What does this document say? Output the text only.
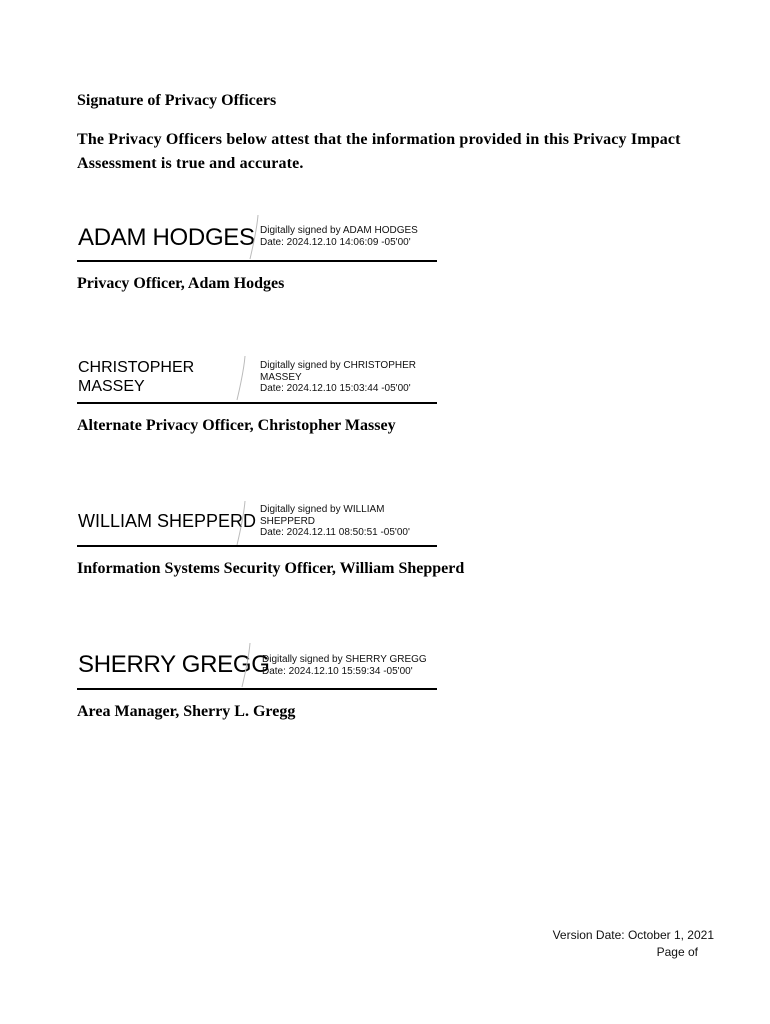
Signature of Privacy Officers
The Privacy Officers below attest that the information provided in this Privacy Impact Assessment is true and accurate.
ADAM HODGES Digitally signed by ADAM HODGES
Date: 2024.12.10 14:06:09 -05'00'
Privacy Officer, Adam Hodges
CHRISTOPHER
MASSEY
Digitally signed by CHRISTOPHER
MASSEY
Date: 2024.12.10 15:03:44 -05'00'
Alternate Privacy Officer, Christopher Massey
WILLIAM SHEPPERD
Digitally signed by WILLIAM
SHEPPERD
Date: 2024.12.11 08:50:51 -05'00'
Information Systems Security Officer, William Shepperd
SHERRY GREGG
Digitally signed by SHERRY GREGG
Date: 2024.12.10 15:59:34 -05'00'
Area Manager, Sherry L. Gregg
Version Date: October 1, 2021
Page of
